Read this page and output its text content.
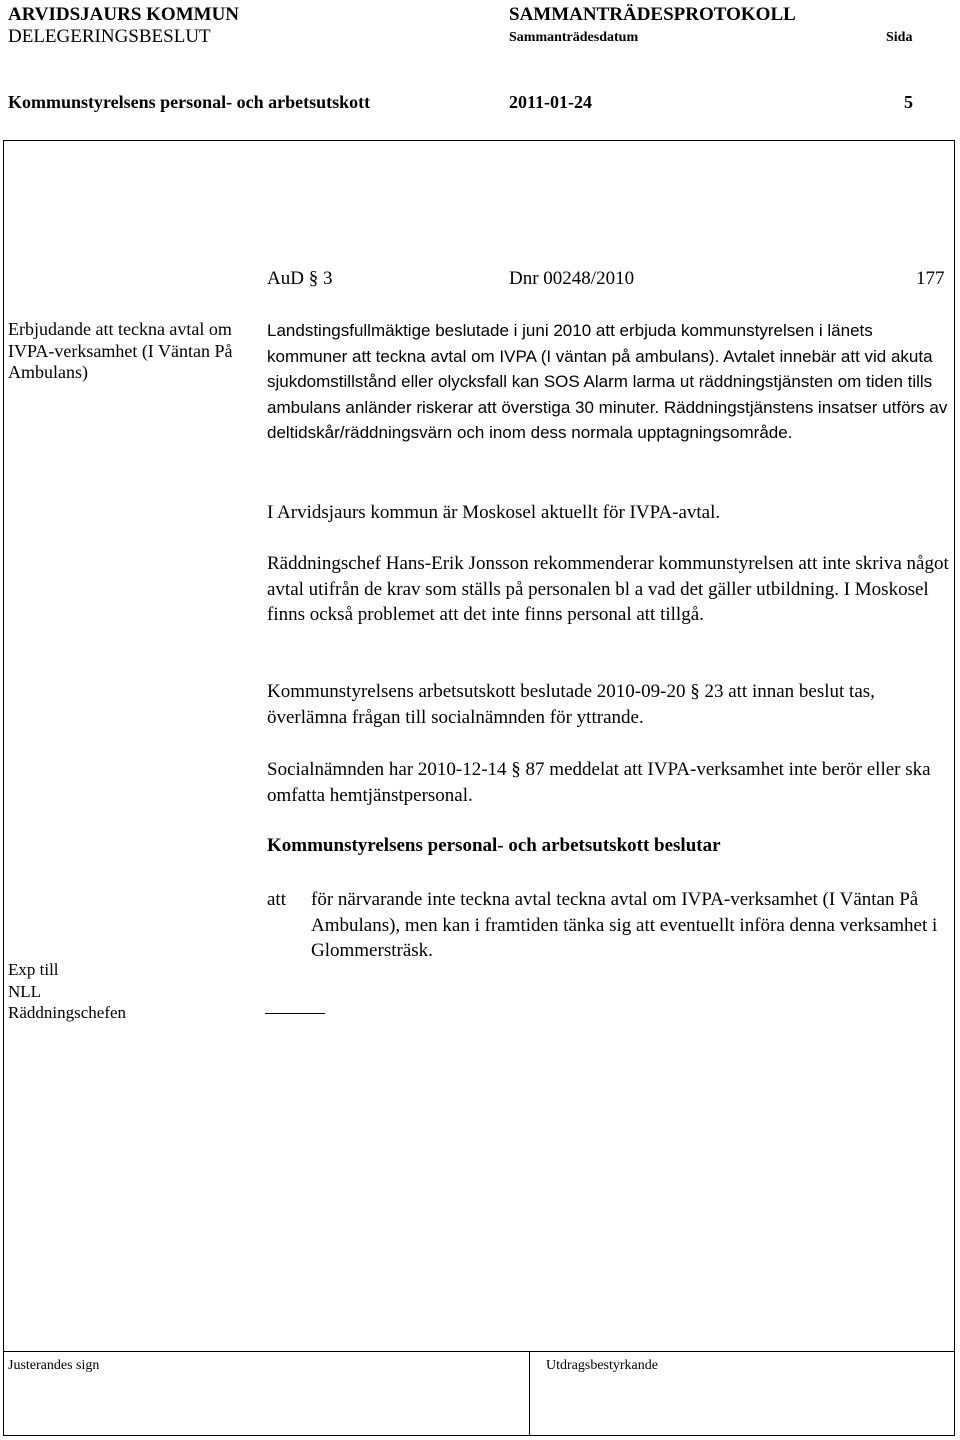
ARVIDSJAURS KOMMUN
DELEGERINGSBESLUT
SAMMANTRÄDESPROTOKOLL
Sammanträdesdatum	Sida
Kommunstyrelsens personal- och arbetsutskott	2011-01-24	5
AuD § 3	Dnr 00248/2010	177
Erbjudande att teckna avtal om IVPA-verksamhet (I Väntan På Ambulans)
Landstingsfullmäktige beslutade i juni 2010 att erbjuda kommunstyrelsen i länets kommuner att teckna avtal om IVPA (I väntan på ambulans). Avtalet innebär att vid akuta sjukdomstillstånd eller olycksfall kan SOS Alarm larma ut räddningstjänsten om tiden tills ambulans anländer riskerar att överstiga 30 minuter. Räddningstjänstens insatser utförs av deltidskår/räddningsvärn och inom dess normala upptagningsområde.
I Arvidsjaurs kommun är Moskosel aktuellt för IVPA-avtal.
Räddningschef Hans-Erik Jonsson rekommenderar kommunstyrelsen att inte skriva något avtal utifrån de krav som ställs på personalen bl a vad det gäller utbildning. I Moskosel finns också problemet att det inte finns personal att tillgå.
Kommunstyrelsens arbetsutskott beslutade 2010-09-20 § 23 att innan beslut tas, överlämna frågan till socialnämnden för yttrande.
Socialnämnden har 2010-12-14 § 87 meddelat att IVPA-verksamhet inte berör eller ska omfatta hemtjänstpersonal.
Kommunstyrelsens personal- och arbetsutskott beslutar
att för närvarande inte teckna avtal teckna avtal om IVPA-verksamhet (I Väntan På Ambulans), men kan i framtiden tänka sig att eventuellt införa denna verksamhet i Glommersträsk.
Exp till
NLL
Räddningschefen
Justerandes sign	Utdragsbestyrkande
